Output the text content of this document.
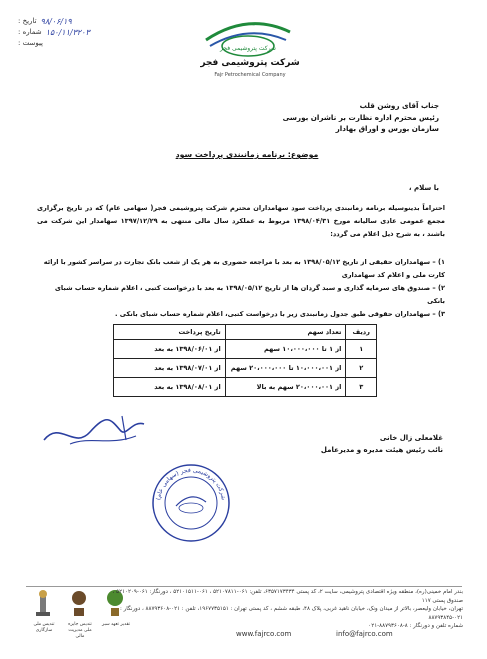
۹۸/۰۶/۱۹
تاریخ :
۱۵۰/۱۱/۳۲۰۳
شماره :
پیوست :
شرکت پتروشیمی فجر
شرکت پتروشیمی فجر
Fajr Petrochemical Company
جناب آقای روشن قلب
رئیس محترم اداره نظارت بر ناشران بورسی
سازمان بورس و اوراق بهادار
موضوع: برنامه زمانبندی پرداخت سود
با سلام ،
احتراماً بدینوسیله برنامه زمانبندی پرداخت سود سهامداران محترم شرکت پتروشیمی فجر( سهامی عام) که در تاریخ برگزاری مجمع عمومی عادی سالیانه مورخ ۱۳۹۸/۰۴/۳۱ مربوط به عملکرد سال مالی منتهی به ۱۳۹۷/۱۲/۲۹ سهامدار این شرکت می باشند ، به شرح ذیل اعلام می گردد:
۱) – سهامداران حقیقی از تاریخ ۱۳۹۸/۰۵/۱۲ به بعد با مراجعه حضوری به هر یک از شعب بانک تجارت در سراسر کشور با ارائه کارت ملی و اعلام کد سهامداری
۲) – صندوق های سرمایه گذاری و سبد گردان ها از تاریخ ۱۳۹۸/۰۵/۱۲ به بعد با درخواست کتبی ، اعلام شماره حساب شبای بانکی
۳) – سهامداران حقوقی طبق جدول زمانبندی زیر با درخواست کتبی، اعلام شماره حساب شبای بانکی .
ردیف	تعداد سهم	تاریخ پرداخت
۱	از ۱ تا ۱۰،۰۰۰،۰۰۰ سهم	از ۱۳۹۸/۰۶/۰۱ به بعد
۲	از ۱۰،۰۰۰،۰۰۱ تا ۲۰،۰۰۰،۰۰۰ سهم	از ۱۳۹۸/۰۷/۰۱ به بعد
۳	از ۲۰،۰۰۰،۰۰۱ سهم به بالا	از ۱۳۹۸/۰۸/۰۱ به بعد
غلامعلی زال خانی
نائب رئیس هیئت مدیره و مدیرعامل
شرکت پتروشیمی فجر (سهامی عام)
تندیس ملی سازگاری
تندیس جایزه ملی مدیریت مالی
تقدیر تعهد سبز
بندر امام خمینی(ره)، منطقه ویژه اقتصادی پتروشیمی، سایت ۲، کد پستی ۶۳۵۷۱۷۳۴۳۴، تلفن: ۰۶۱-۵۲۱۰۷۸۱۱ ، ۰۶۱-۵۲۱۰۱۵۱۱ ، دورنگار: ۰۶۱-۵۲۱۰۲۰۹ ، صندوق پستی ۱۱۷
تهران، خیابان ولیعصر، بالاتر از میدان ونک، خیابان ناهید غربی، پلاک ۴۸، طبقه ششم ، کد پستی تهران : ۱۹۶۷۷۳۵۱۵۱، تلفن : ۰۲۱-۸۸۷۹۳۶۰۸ ، دورنگار : ۰۲۱-۸۸۷۹۳۸۴۵
شماره تلفن و دورنگار : ۸-۸۸۷۹۳۶۰۸-۰۲۱
www.fajrco.com	info@fajrco.com
